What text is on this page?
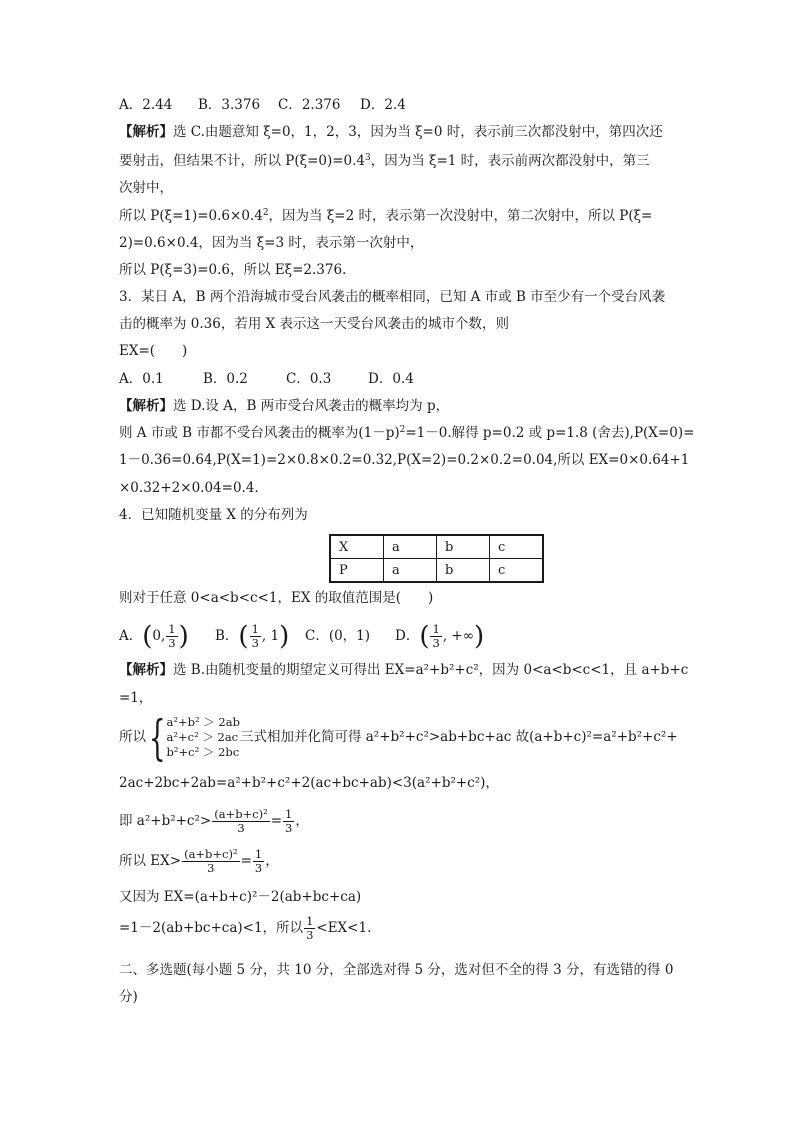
A．2.44 B．3.376 C．2.376 D．2.4
【解析】选 C.由题意知 ξ=0，1，2，3，因为当 ξ=0 时，表示前三次都没射中，第四次还
要射击，但结果不计，所以 $P(\xi=0)=0.4^3$，因为当 ξ=1 时，表示前两次都没射中，第三
次射中，
所以 $P(\xi=1)=0.6\times 0.4^2$，因为当 ξ=2 时，表示第一次没射中，第二次射中，所以 P(ξ=
2)=0.6×0.4，因为当 ξ=3 时，表示第一次射中，
所以 P(ξ=3)=0.6，所以 Eξ=2.376.
3．某日 A，B 两个沿海城市受台风袭击的概率相同，已知 A 市或 B 市至少有一个受台风袭
击的概率为 0.36，若用 X 表示这一天受台风袭击的城市个数，则
EX=(　　)
A．0.1	B．0.2	C．0.3	D．0.4
【解析】选 D.设 A，B 两市受台风袭击的概率均为 p，
则 A 市或 B 市都不受台风袭击的概率为$(1-p)^2=1-0$.解得 p=0.2 或 p=1.8 (舍去),P(X=0)=
1－0.36=0.64,P(X=1)=2×0.8×0.2=0.32,P(X=2)=0.2×0.2=0.04,所以 EX=0×0.64+1
×0.32+2×0.04=0.4.
4．已知随机变量 X 的分布列为
X	a	b	c
P	a	b	c
则对于任意 0<a<b<c<1，EX 的取值范围是(　　)
A．(0, $\frac{1}{3}$ ) B．( $\frac{1}{3}$ , 1) C．(0，1) D．( $\frac{1}{3}$ , +∞)
【解析】选 B.由随机变量的期望定义可得出 EX=a²+b²+c²，因为 0<a<b<c<1，且 a+b+c
=1，
所以 { a²+b² ＞ 2ab
a²+c² ＞ 2ac
b²+c² ＞ 2bc
三式相加并化简可得 a²+b²+c²>ab+bc+ac 故(a+b+c)²=a²+b²+c²+
2ac+2bc+2ab=a²+b²+c²+2(ac+bc+ab)<3(a²+b²+c²)，
即 $a^2+b^2+c^2> \frac{\text{(a+b+c)²}}{3} = \frac{1}{3}$ ，
所以 $EX> \frac{\text{(a+b+c)²}}{3} = \frac{1}{3}$ ，
又因为 EX=(a+b+c)²－2(ab+bc+ca)
=1－2(ab+bc+ca)<1，所以 $\frac{1}{3} <EX<1$.
二、多选题(每小题 5 分，共 10 分，全部选对得 5 分，选对但不全的得 3 分，有选错的得 0
分)
